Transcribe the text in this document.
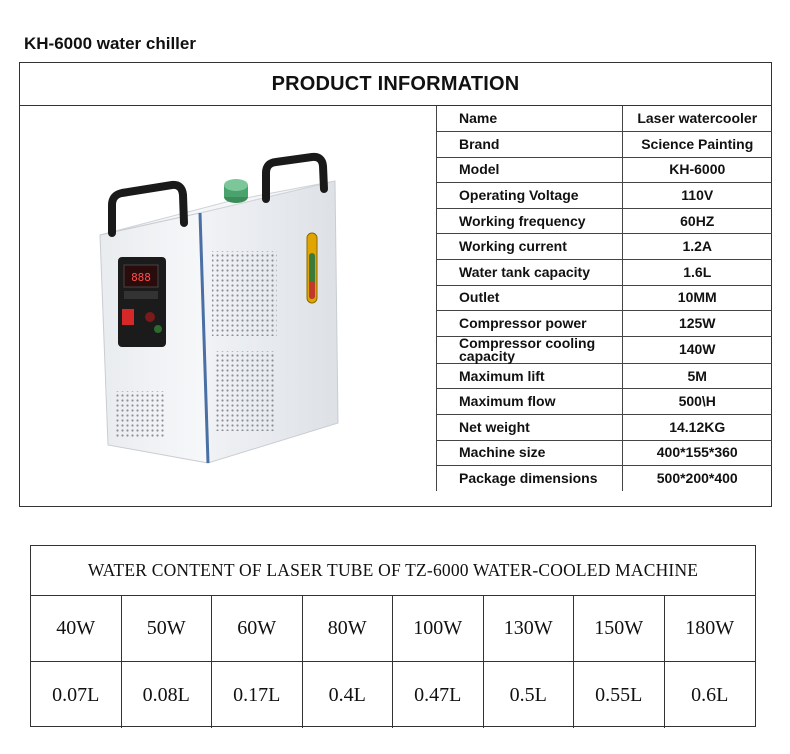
KH-6000 water chiller
PRODUCT INFORMATION
888
Name	Laser watercooler
Brand	Science Painting
Model	KH-6000
Operating Voltage	110V
Working frequency	60HZ
Working current	1.2A
Water tank capacity	1.6L
Outlet	10MM
Compressor power	125W
Compressor cooling capacity	140W
Maximum lift	5M
Maximum flow	500\H
Net weight	14.12KG
Machine size	400*155*360
Package dimensions	500*200*400
WATER CONTENT OF LASER TUBE OF TZ-6000 WATER-COOLED MACHINE
40W	50W	60W	80W	100W	130W	150W	180W
0.07L	0.08L	0.17L	0.4L	0.47L	0.5L	0.55L	0.6L
